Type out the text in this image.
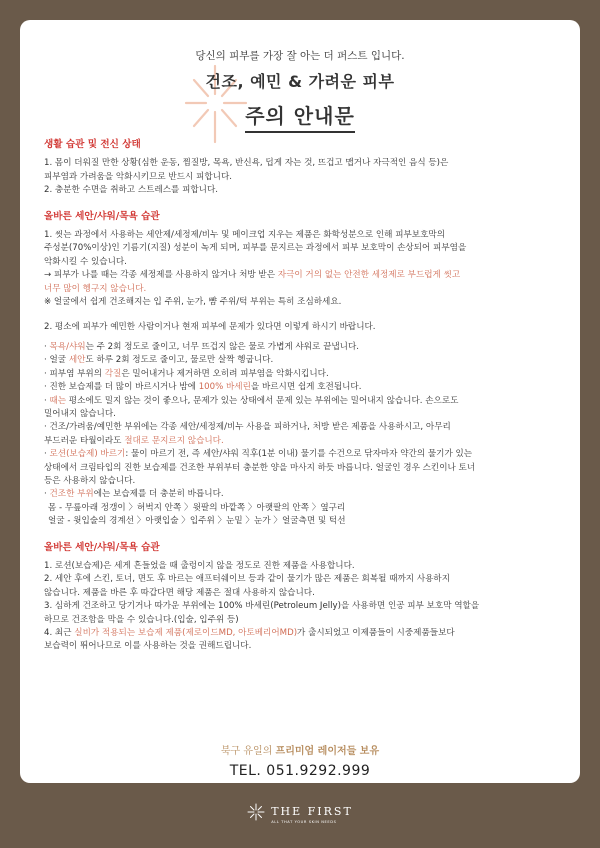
당신의 피부를 가장 잘 아는 더 퍼스트 입니다.
건조, 예민 & 가려운 피부
주의 안내문
생활 습관 및 전신 상태
1. 몸이 더워질 만한 상황(심한 운동, 찜질방, 목욕, 반신욕, 덥게 자는 것, 뜨겁고 맵거나 자극적인 음식 등)은
피부염과 가려움을 악화시키므로 반드시 피합니다.
2. 충분한 수면을 취하고 스트레스를 피합니다.
올바른 세안/샤워/목욕 습관
1. 씻는 과정에서 사용하는 세안제/세정제/비누 및 메이크업 지우는 제품은 화학성분으로 인해 피부보호막의
주성분(70%이상)인 기름기(지질) 성분이 녹게 되며, 피부를 문지르는 과정에서 피부 보호막이 손상되어 피부염을
악화시킬 수 있습니다.
→ 피부가 나를 때는 각종 세정제를 사용하지 않거나 처방 받은 자극이 거의 없는 안전한 세정제로 부드럽게 씻고
너무 많이 헹구지 않습니다.
※ 얼굴에서 쉽게 건조해지는 입 주위, 눈가, 뺨 주위/턱 부위는 특히 조심하세요.
2. 평소에 피부가 예민한 사람이거나 현재 피부에 문제가 있다면 이렇게 하시기 바랍니다.
· 목욕/샤워는 주 2회 정도로 줄이고, 너무 뜨겁지 않은 물로 가볍게 샤워로 끝냅니다.
· 얼굴 세안도 하루 2회 정도로 줄이고, 물로만 살짝 헹굽니다.
· 피부염 부위의 각질은 밀어내거나 제거하면 오히려 피부염을 악화시킵니다.
· 진한 보습제를 더 많이 바르시거나 밤에 100% 바세린을 바르시면 쉽게 호전됩니다.
· 때는 평소에도 밀지 않는 것이 좋으나, 문제가 있는 상태에서 문제 있는 부위에는 밀어내지 않습니다. 손으로도
밀어내지 않습니다.
· 건조/가려움/예민한 부위에는 각종 세안/세정제/비누 사용을 피하거나, 처방 받은 제품을 사용하시고, 아무리
부드러운 타월이라도 절대로 문지르지 않습니다.
· 로션(보습제) 바르기: 물이 마르기 전, 즉 세안/샤워 직후(1분 이내) 물기를 수건으로 닦자마자 약간의 물기가 있는
상태에서 크림타입의 진한 보습제를 건조한 부위부터 충분한 양을 마사지 하듯 바릅니다. 얼굴인 경우 스킨이나 토너
등은 사용하지 않습니다.
· 건조한 부위에는 보습제를 더 충분히 바릅니다.
몸 - 무릎아래 정갱이 〉허벅지 안쪽 〉윗팔의 바깥쪽 〉아랫팔의 안쪽 〉옆구리
얼굴 - 윗입술의 경계선 〉아랫입술 〉입주위 〉눈밑 〉눈가 〉얼굴측면 및 턱선
올바른 세안/샤워/목욕 습관
1. 로션(보습제)은 세게 흔들었을 때 출렁이지 않을 정도로 진한 제품을 사용합니다.
2. 세안 후에 스킨, 토너, 면도 후 바르는 애프터쉐이브 등과 같이 물기가 많은 제품은 회복될 때까지 사용하지
않습니다. 제품을 바른 후 따갑다면 해당 제품은 절대 사용하지 않습니다.
3. 심하게 건조하고 당기거나 따가운 부위에는 100% 바세린(Petroleum Jelly)을 사용하면 인공 피부 보호막 역할을
하므로 건조함을 막을 수 있습니다.(입술, 입주위 등)
4. 최근 실비가 적용되는 보습제 제품(제로이드MD, 아토베리어MD)가 출시되었고 이제품들이 시중제품들보다
보습력이 뛰어나므로 이를 사용하는 것을 권해드립니다.
북구 유일의 프리미엄 레이저들 보유
TEL. 051.9292.999
THE FIRST
ALL THAT YOUR SKIN NEEDS
